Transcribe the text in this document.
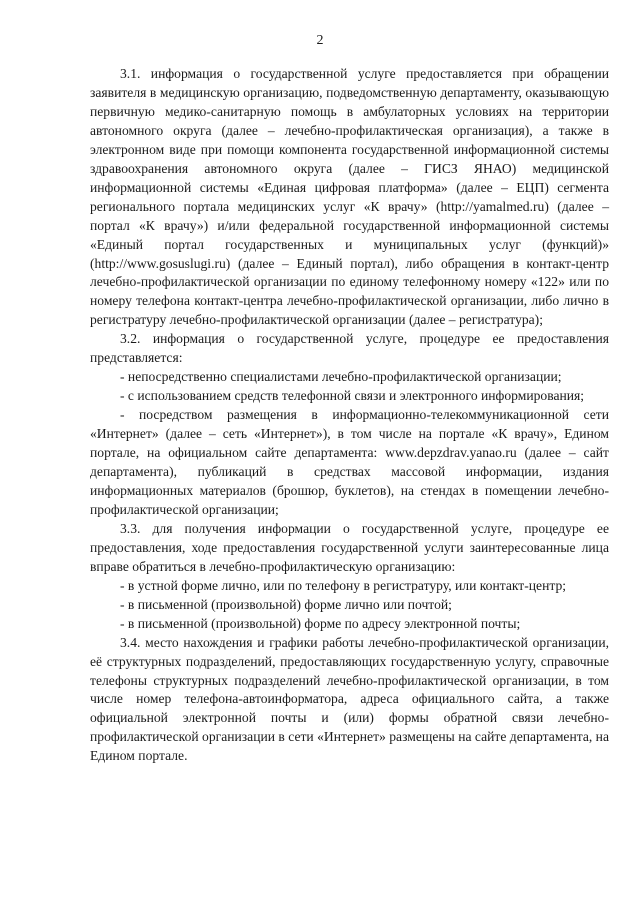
2

3.1. информация о государственной услуге предоставляется при обращении заявителя в медицинскую организацию, подведомственную департаменту, оказывающую первичную медико-санитарную помощь в амбулаторных условиях на территории автономного округа (далее – лечебно-профилактическая организация), а также в электронном виде при помощи компонента государственной информационной системы здравоохранения автономного округа (далее – ГИСЗ ЯНАО) медицинской информационной системы «Единая цифровая платформа» (далее – ЕЦП) сегмента регионального портала медицинских услуг «К врачу» (http://yamalmed.ru) (далее – портал «К врачу») и/или федеральной государственной информационной системы «Единый портал государственных и муниципальных услуг (функций)» (http://www.gosuslugi.ru) (далее – Единый портал), либо обращения в контакт-центр лечебно-профилактической организации по единому телефонному номеру «122» или по номеру телефона контакт-центра лечебно-профилактической организации, либо лично в регистратуру лечебно-профилактической организации (далее – регистратура);

3.2. информация о государственной услуге, процедуре ее предоставления представляется:

- непосредственно специалистами лечебно-профилактической организации;

- с использованием средств телефонной связи и электронного информирования;

- посредством размещения в информационно-телекоммуникационной сети «Интернет» (далее – сеть «Интернет»), в том числе на портале «К врачу», Едином портале, на официальном сайте департамента: www.depzdrav.yanao.ru (далее – сайт департамента), публикаций в средствах массовой информации, издания информационных материалов (брошюр, буклетов), на стендах в помещении лечебно-профилактической организации;

3.3. для получения информации о государственной услуге, процедуре ее предоставления, ходе предоставления государственной услуги заинтересованные лица вправе обратиться в лечебно-профилактическую организацию:

- в устной форме лично, или по телефону в регистратуру, или контакт-центр;

- в письменной (произвольной) форме лично или почтой;

- в письменной (произвольной) форме по адресу электронной почты;

3.4. место нахождения и графики работы лечебно-профилактической организации, её структурных подразделений, предоставляющих государственную услугу, справочные телефоны структурных подразделений лечебно-профилактической организации, в том числе номер телефона-автоинформатора, адреса официального сайта, а также официальной электронной почты и (или) формы обратной связи лечебно-профилактической организации в сети «Интернет» размещены на сайте департамента, на Едином портале.
